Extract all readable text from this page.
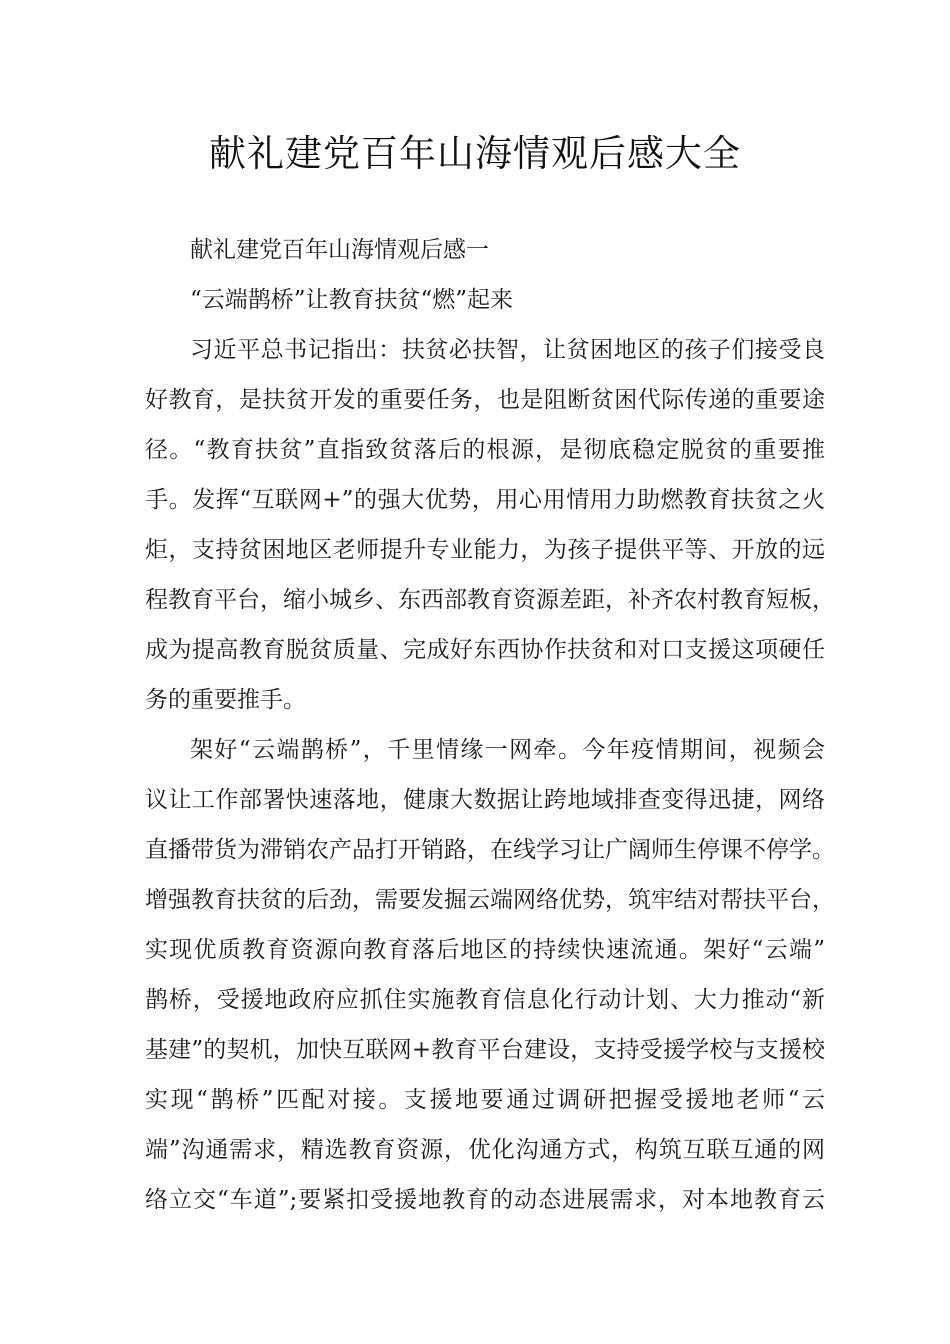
献礼建党百年山海情观后感大全
献礼建党百年山海情观后感一
“云端鹊桥”让教育扶贫“燃”起来
习近平总书记指出：扶贫必扶智，让贫困地区的孩子们接受良
好教育，是扶贫开发的重要任务，也是阻断贫困代际传递的重要途
径。“教育扶贫”直指致贫落后的根源，是彻底稳定脱贫的重要推
手。发挥“互联网+”的强大优势，用心用情用力助燃教育扶贫之火
炬，支持贫困地区老师提升专业能力，为孩子提供平等、开放的远
程教育平台，缩小城乡、东西部教育资源差距，补齐农村教育短板，
成为提高教育脱贫质量、完成好东西协作扶贫和对口支援这项硬任
务的重要推手。
架好“云端鹊桥”，千里情缘一网牵。今年疫情期间，视频会
议让工作部署快速落地，健康大数据让跨地域排查变得迅捷，网络
直播带货为滞销农产品打开销路，在线学习让广阔师生停课不停学。
增强教育扶贫的后劲，需要发掘云端网络优势，筑牢结对帮扶平台，
实现优质教育资源向教育落后地区的持续快速流通。架好“云端”
鹊桥，受援地政府应抓住实施教育信息化行动计划、大力推动“新
基建”的契机，加快互联网+教育平台建设，支持受援学校与支援校
实现“鹊桥”匹配对接。支援地要通过调研把握受援地老师“云
端”沟通需求，精选教育资源，优化沟通方式，构筑互联互通的网
络立交“车道”;要紧扣受援地教育的动态进展需求，对本地教育云
